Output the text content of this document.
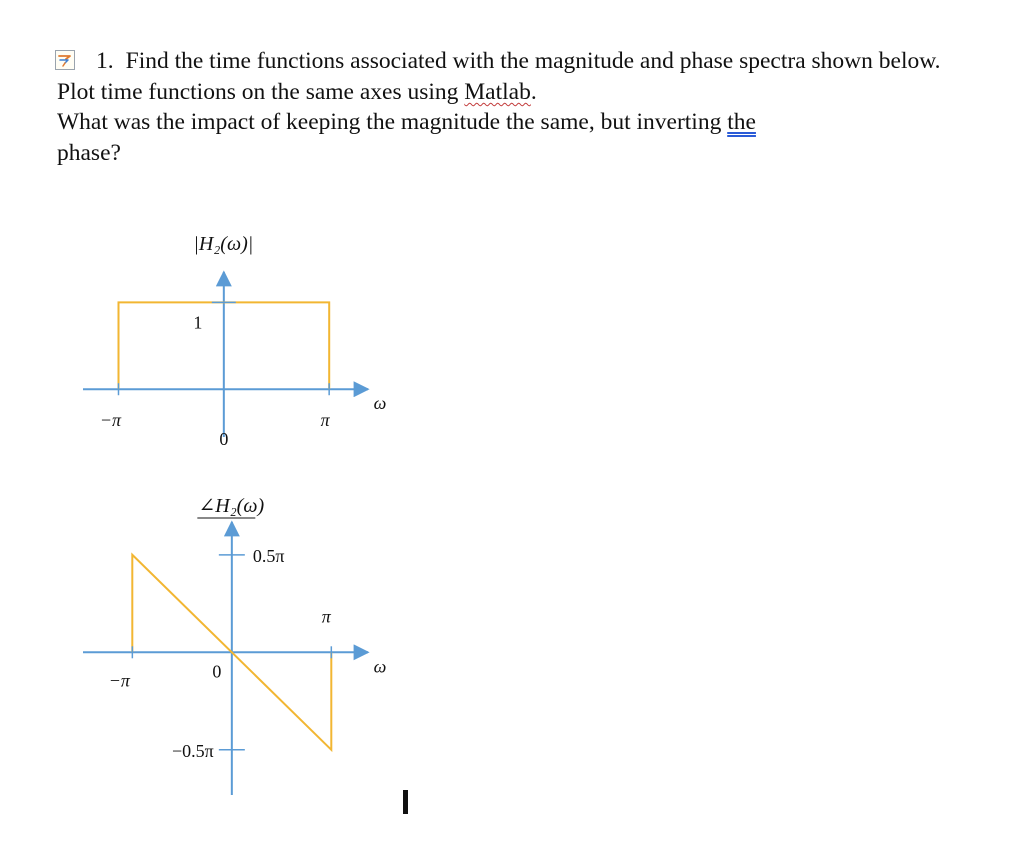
1. Find the time functions associated with the magnitude and phase spectra shown below.
Plot time functions on the same axes using Matlab.
What was the impact of keeping the magnitude the same, but inverting the
phase?
|H₂(ω)|
ω
−π
0
π
1
∠H₂(ω)
ω
−π	0
π
0.5π
−0.5π
